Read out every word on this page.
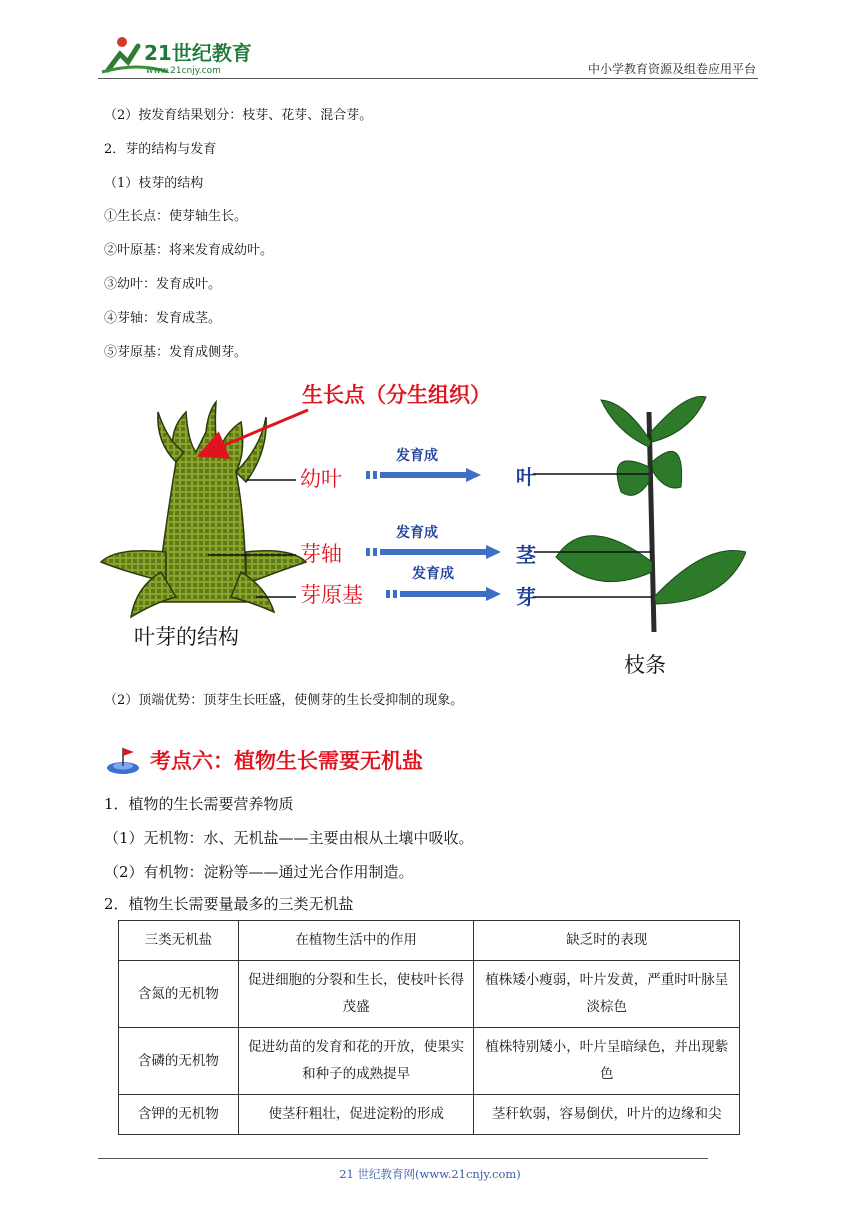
21世纪教育
www.21cnjy.com	中小学教育资源及组卷应用平台
（2）按发育结果划分：枝芽、花芽、混合芽。
2．芽的结构与发育
（1）枝芽的结构
①生长点：使芽轴生长。
②叶原基：将来发育成幼叶。
③幼叶：发育成叶。
④芽轴：发育成茎。
⑤芽原基：发育成侧芽。
生长点（分生组织）
幼叶
发育成
叶
芽轴
发育成
茎
芽原基
发育成
芽
叶芽的结构
枝条
（2）顶端优势：顶芽生长旺盛，使侧芽的生长受抑制的现象。
考点六：植物生长需要无机盐
1．植物的生长需要营养物质
（1）无机物：水、无机盐——主要由根从土壤中吸收。
（2）有机物：淀粉等——通过光合作用制造。
2．植物生长需要量最多的三类无机盐
三类无机盐	在植物生活中的作用	缺乏时的表现
含氮的无机物	促进细胞的分裂和生长，使枝叶长得茂盛	植株矮小瘦弱，叶片发黄，严重时叶脉呈淡棕色
含磷的无机物	促进幼苗的发育和花的开放，使果实和种子的成熟提早	植株特别矮小，叶片呈暗绿色，并出现紫色
含钾的无机物	使茎秆粗壮，促进淀粉的形成	茎秆软弱，容易倒伏，叶片的边缘和尖
21 世纪教育网(www.21cnjy.com)
